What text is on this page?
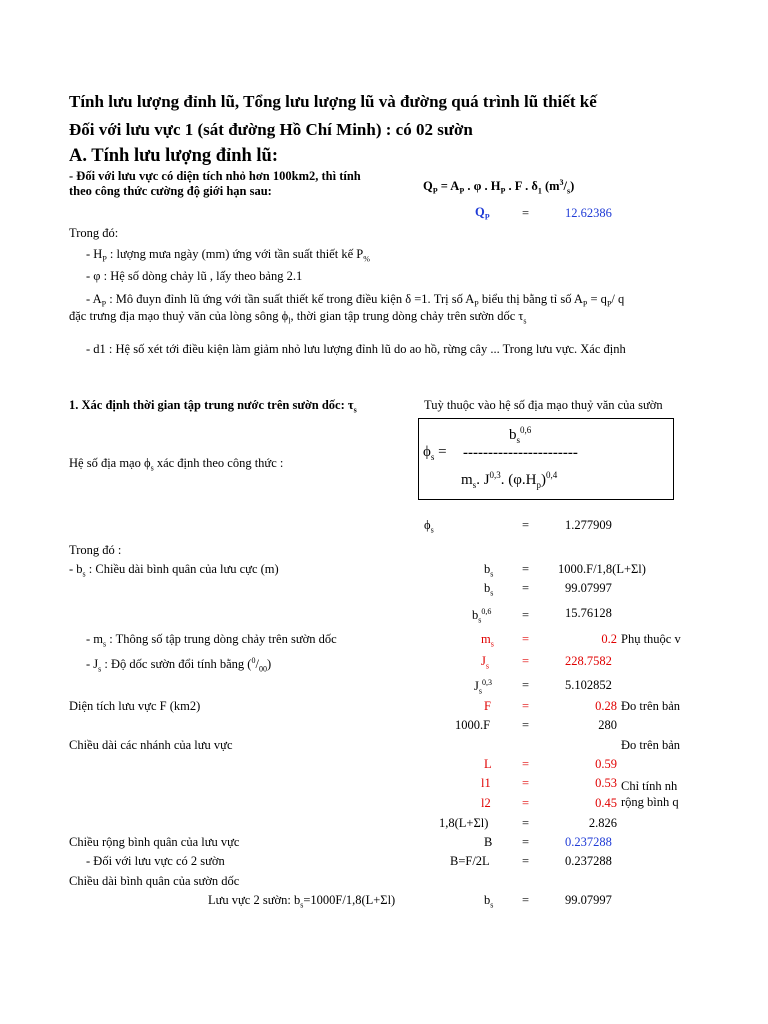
Tính lưu lượng đỉnh lũ, Tổng lưu lượng lũ và đường quá trình lũ thiết kế
Đối với lưu vực 1 (sát đường Hồ Chí Minh) : có 02 sườn
A. Tính lưu lượng đỉnh lũ:
- Đối với lưu vực có diện tích nhỏ hơn 100km2, thì tính
theo công thức cường độ giới hạn sau:	$Q_P = A_P$ . φ . $H_P$ . F . $\delta_1$ $(m^3/_s)$
$Q_P$	=	12.62386
Trong đó:
- $H_P$ : lượng mưa ngày (mm) ứng với tần suất thiết kế $P_{\%}$
- φ : Hệ số dòng chảy lũ , lấy theo bảng 2.1
- $A_P$ : Mô đuyn đỉnh lũ ứng với tần suất thiết kế trong điều kiện δ =1. Trị số $A_P$ biểu thị bằng tỉ số $A_P = q_P/$ q
đặc trưng địa mạo thuỷ văn của lòng sông $\phi_l$, thời gian tập trung dòng chảy trên sườn dốc $\tau_s$
- d1 : Hệ số xét tới điều kiện làm giảm nhỏ lưu lượng đỉnh lũ do ao hồ, rừng cây ... Trong lưu vực. Xác định
1. Xác định thời gian tập trung nước trên sườn dốc: $\tau_s$	Tuỳ thuộc vào hệ số địa mạo thuỷ văn của sườn
$b_s^{0,6}$
$\phi_s$ = -----------------------
$m_s$. J$^{0,3}$. $(\varphi.H_p)^{0,4}$
Hệ số địa mạo $\phi_s$ xác định theo công thức :
$\phi_s$	=	1.277909
Trong đó :
- $b_s$ : Chiều dài bình quân của lưu cực (m)	$b_s = 1000.F/1,8(L+\Sigma l)$
$b_s$ =	99.07997
$b_s^{0,6}$ =	15.76128
- $m_s$ : Thông số tập trung dòng chảy trên sườn dốc	$m_s$ =	0.2 Phụ thuộc v
- $J_s$ : Độ dốc sườn đổi tính bằng $(^0/_{00})$	$J_s$	=	228.7582
$J_s^{0,3}$ =	5.102852
Diện tích lưu vực F (km2)	F =	0.28 Đo trên bản
1000.F	=	280
Chiều dài các nhánh của lưu vực	Đo trên bản
L =	0.59
l1	=	0.53 Chỉ tính nh
l2	=	0.45 rộng bình q
1,8(L+Σl)	=	2.826
Chiều rộng bình quân của lưu vực	B =	0.237288
- Đối với lưu vực có 2 sườn	B=F/2L	=	0.237288
Chiều dài bình quân của sườn dốc
Lưu vực 2 sườn: $b_s=1000F/1,8(L+\Sigma l)$	$b_s$ =	99.07997
